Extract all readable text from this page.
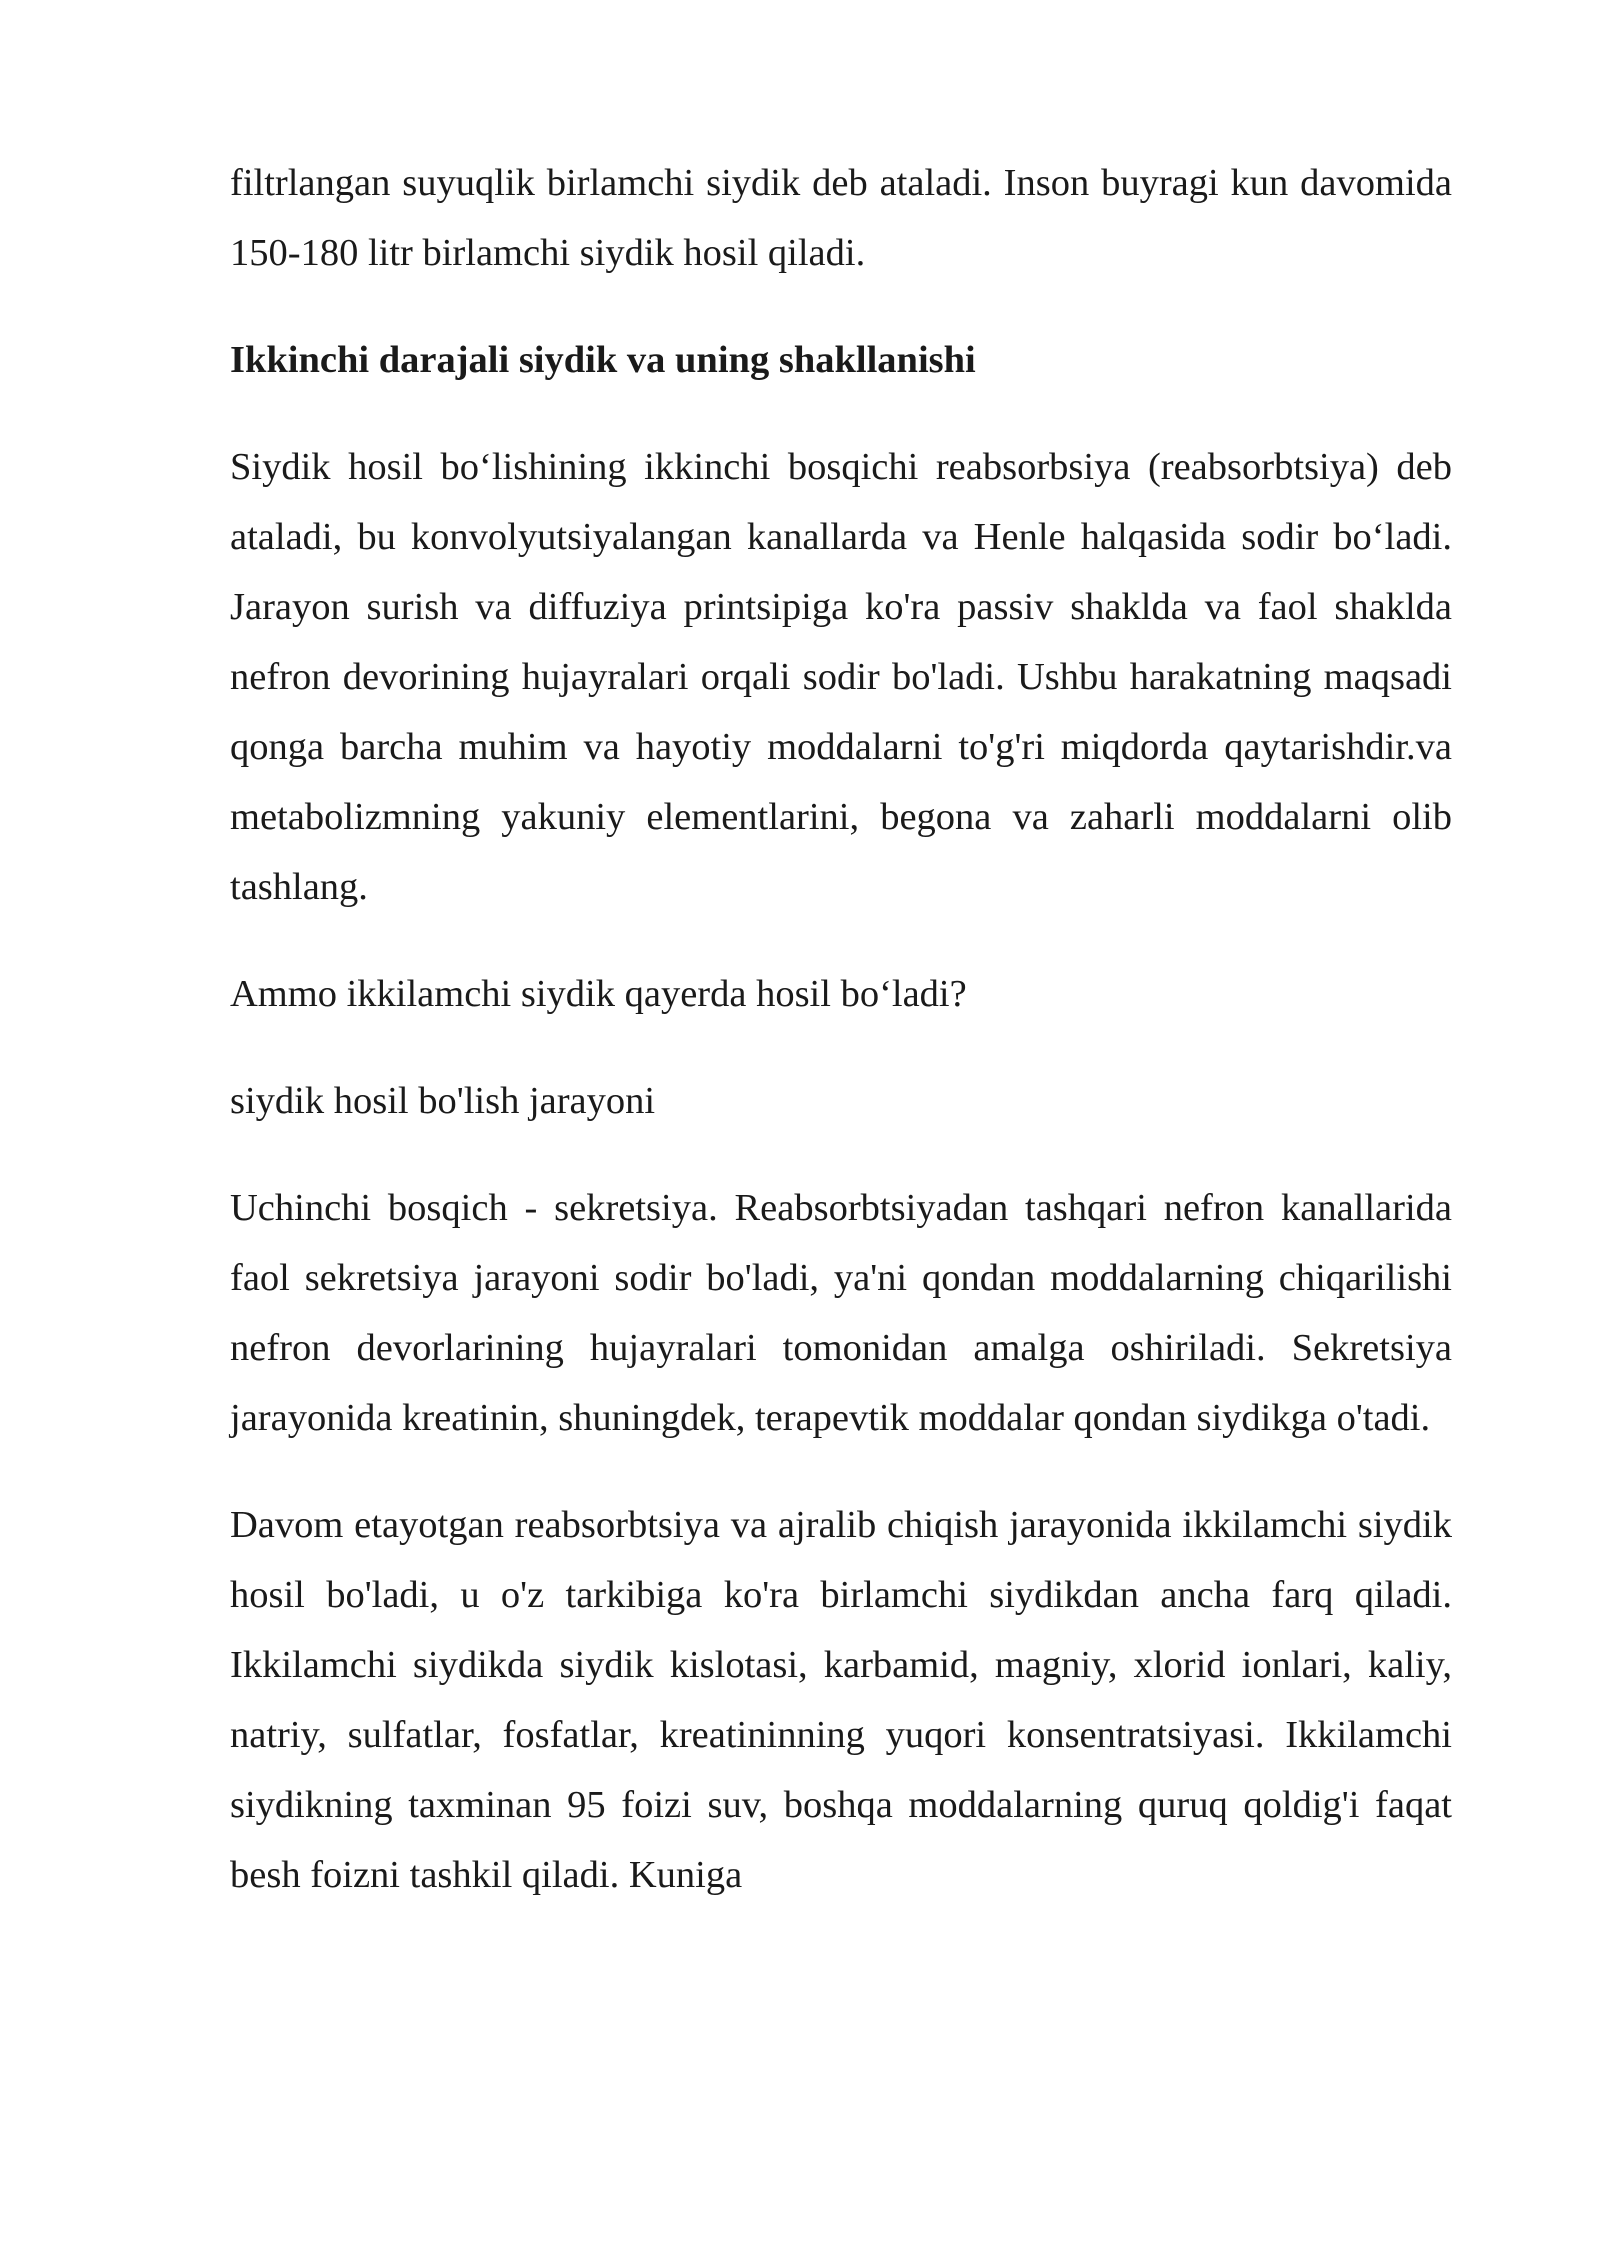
filtrlangan suyuqlik birlamchi siydik deb ataladi. Inson buyragi kun davomida 150-180 litr birlamchi siydik hosil qiladi.

Ikkinchi darajali siydik va uning shakllanishi

Siydik hosil bo‘lishining ikkinchi bosqichi reabsorbsiya (reabsorbtsiya) deb ataladi, bu konvolyutsiyalangan kanallarda va Henle halqasida sodir bo‘ladi. Jarayon surish va diffuziya printsipiga ko'ra passiv shaklda va faol shaklda nefron devorining hujayralari orqali sodir bo'ladi. Ushbu harakatning maqsadi qonga barcha muhim va hayotiy moddalarni to'g'ri miqdorda qaytarishdir.va metabolizmning yakuniy elementlarini, begona va zaharli moddalarni olib tashlang.

Ammo ikkilamchi siydik qayerda hosil bo‘ladi?

siydik hosil bo'lish jarayoni

Uchinchi bosqich - sekretsiya. Reabsorbtsiyadan tashqari nefron kanallarida faol sekretsiya jarayoni sodir bo'ladi, ya'ni qondan moddalarning chiqarilishi nefron devorlarining hujayralari tomonidan amalga oshiriladi. Sekretsiya jarayonida kreatinin, shuningdek, terapevtik moddalar qondan siydikga o'tadi.

Davom etayotgan reabsorbtsiya va ajralib chiqish jarayonida ikkilamchi siydik hosil bo'ladi, u o'z tarkibiga ko'ra birlamchi siydikdan ancha farq qiladi. Ikkilamchi siydikda siydik kislotasi, karbamid, magniy, xlorid ionlari, kaliy, natriy, sulfatlar, fosfatlar, kreatininning yuqori konsentratsiyasi. Ikkilamchi siydikning taxminan 95 foizi suv, boshqa moddalarning quruq qoldig'i faqat besh foizni tashkil qiladi. Kuniga
